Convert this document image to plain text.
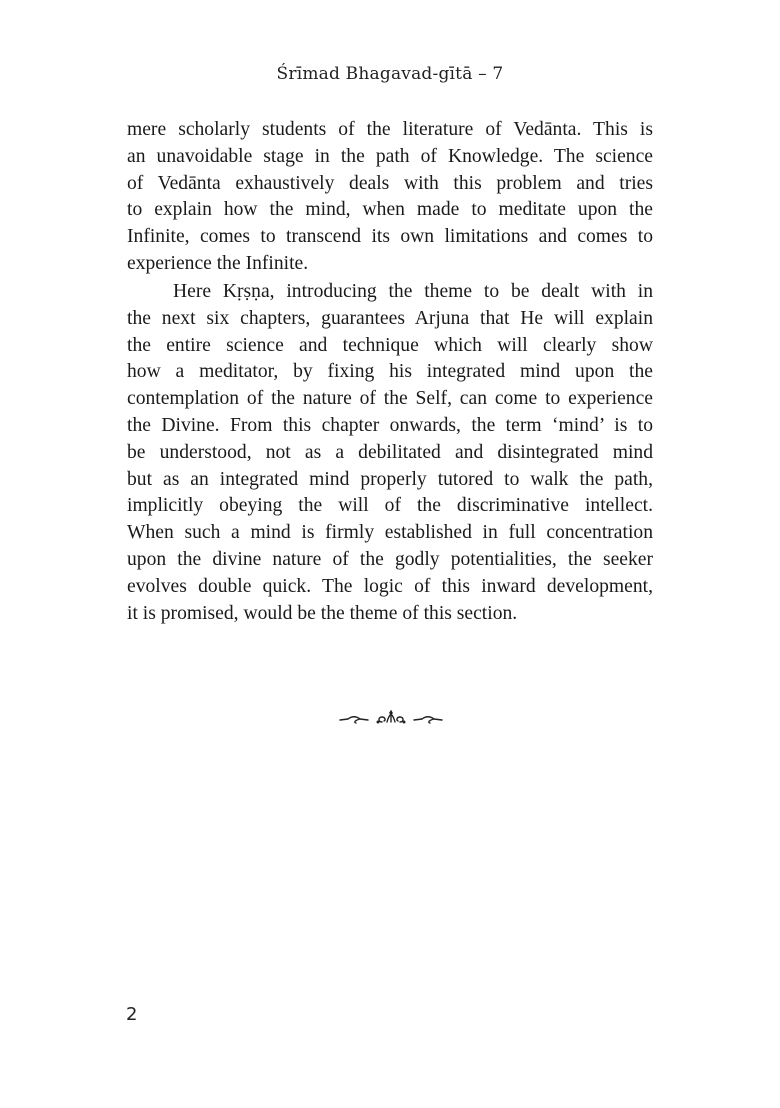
Śrīmad Bhagavad-gītā – 7
mere scholarly students of the literature of Vedānta. This is
an unavoidable stage in the path of Knowledge. The science
of Vedānta exhaustively deals with this problem and tries
to explain how the mind, when made to meditate upon the
Infinite, comes to transcend its own limitations and comes to
experience the Infinite.
Here Kṛṣṇa, introducing the theme to be dealt with in
the next six chapters, guarantees Arjuna that He will explain
the entire science and technique which will clearly show
how a meditator, by fixing his integrated mind upon the
contemplation of the nature of the Self, can come to experience
the Divine. From this chapter onwards, the term ‘mind’ is to
be understood, not as a debilitated and disintegrated mind
but as an integrated mind properly tutored to walk the path,
implicitly obeying the will of the discriminative intellect.
When such a mind is firmly established in full concentration
upon the divine nature of the godly potentialities, the seeker
evolves double quick. The logic of this inward development,
it is promised, would be the theme of this section.
2
